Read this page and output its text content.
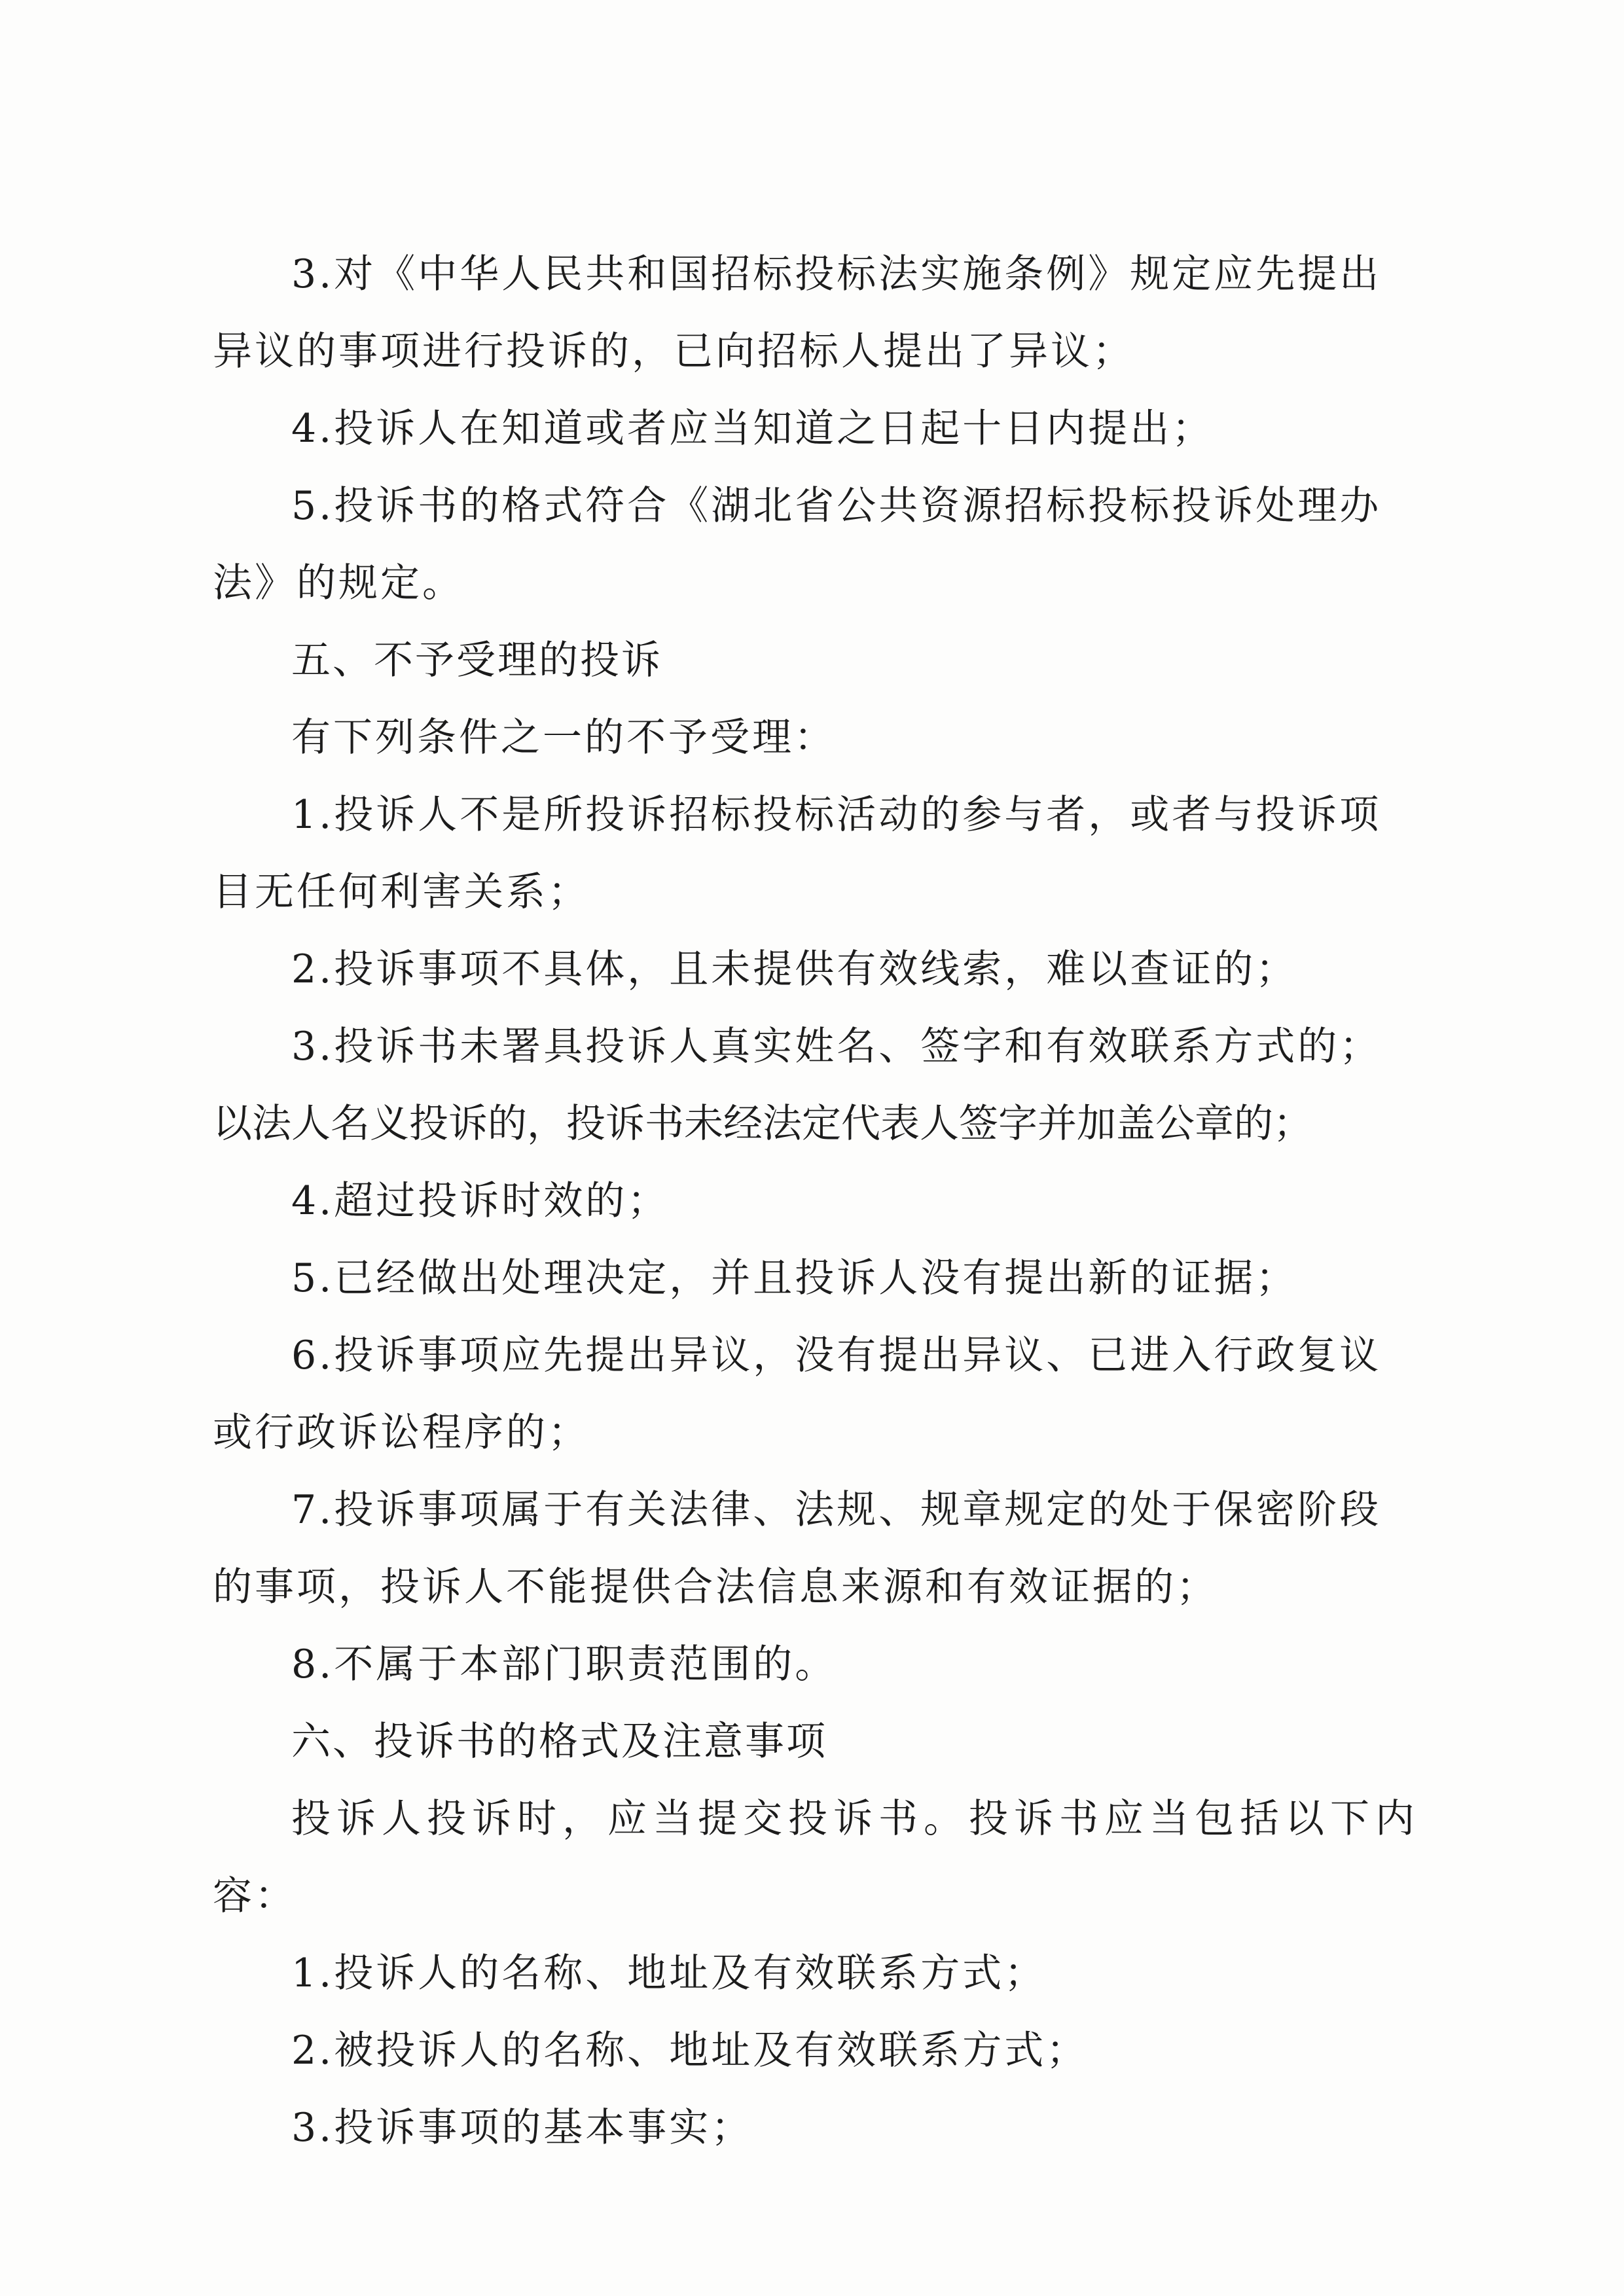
3.对《中华人民共和国招标投标法实施条例》规定应先提出
异议的事项进行投诉的，已向招标人提出了异议；

4.投诉人在知道或者应当知道之日起十日内提出；

5.投诉书的格式符合《湖北省公共资源招标投标投诉处理办
法》的规定。

五、不予受理的投诉

有下列条件之一的不予受理：

1.投诉人不是所投诉招标投标活动的参与者，或者与投诉项
目无任何利害关系；

2.投诉事项不具体，且未提供有效线索，难以查证的；

3.投诉书未署具投诉人真实姓名、签字和有效联系方式的；
以法人名义投诉的，投诉书未经法定代表人签字并加盖公章的；

4.超过投诉时效的；

5.已经做出处理决定，并且投诉人没有提出新的证据；

6.投诉事项应先提出异议，没有提出异议、已进入行政复议
或行政诉讼程序的；

7.投诉事项属于有关法律、法规、规章规定的处于保密阶段
的事项，投诉人不能提供合法信息来源和有效证据的；

8.不属于本部门职责范围的。

六、投诉书的格式及注意事项

投诉人投诉时，应当提交投诉书。投诉书应当包括以下内容：

1.投诉人的名称、地址及有效联系方式；

2.被投诉人的名称、地址及有效联系方式；

3.投诉事项的基本事实；
